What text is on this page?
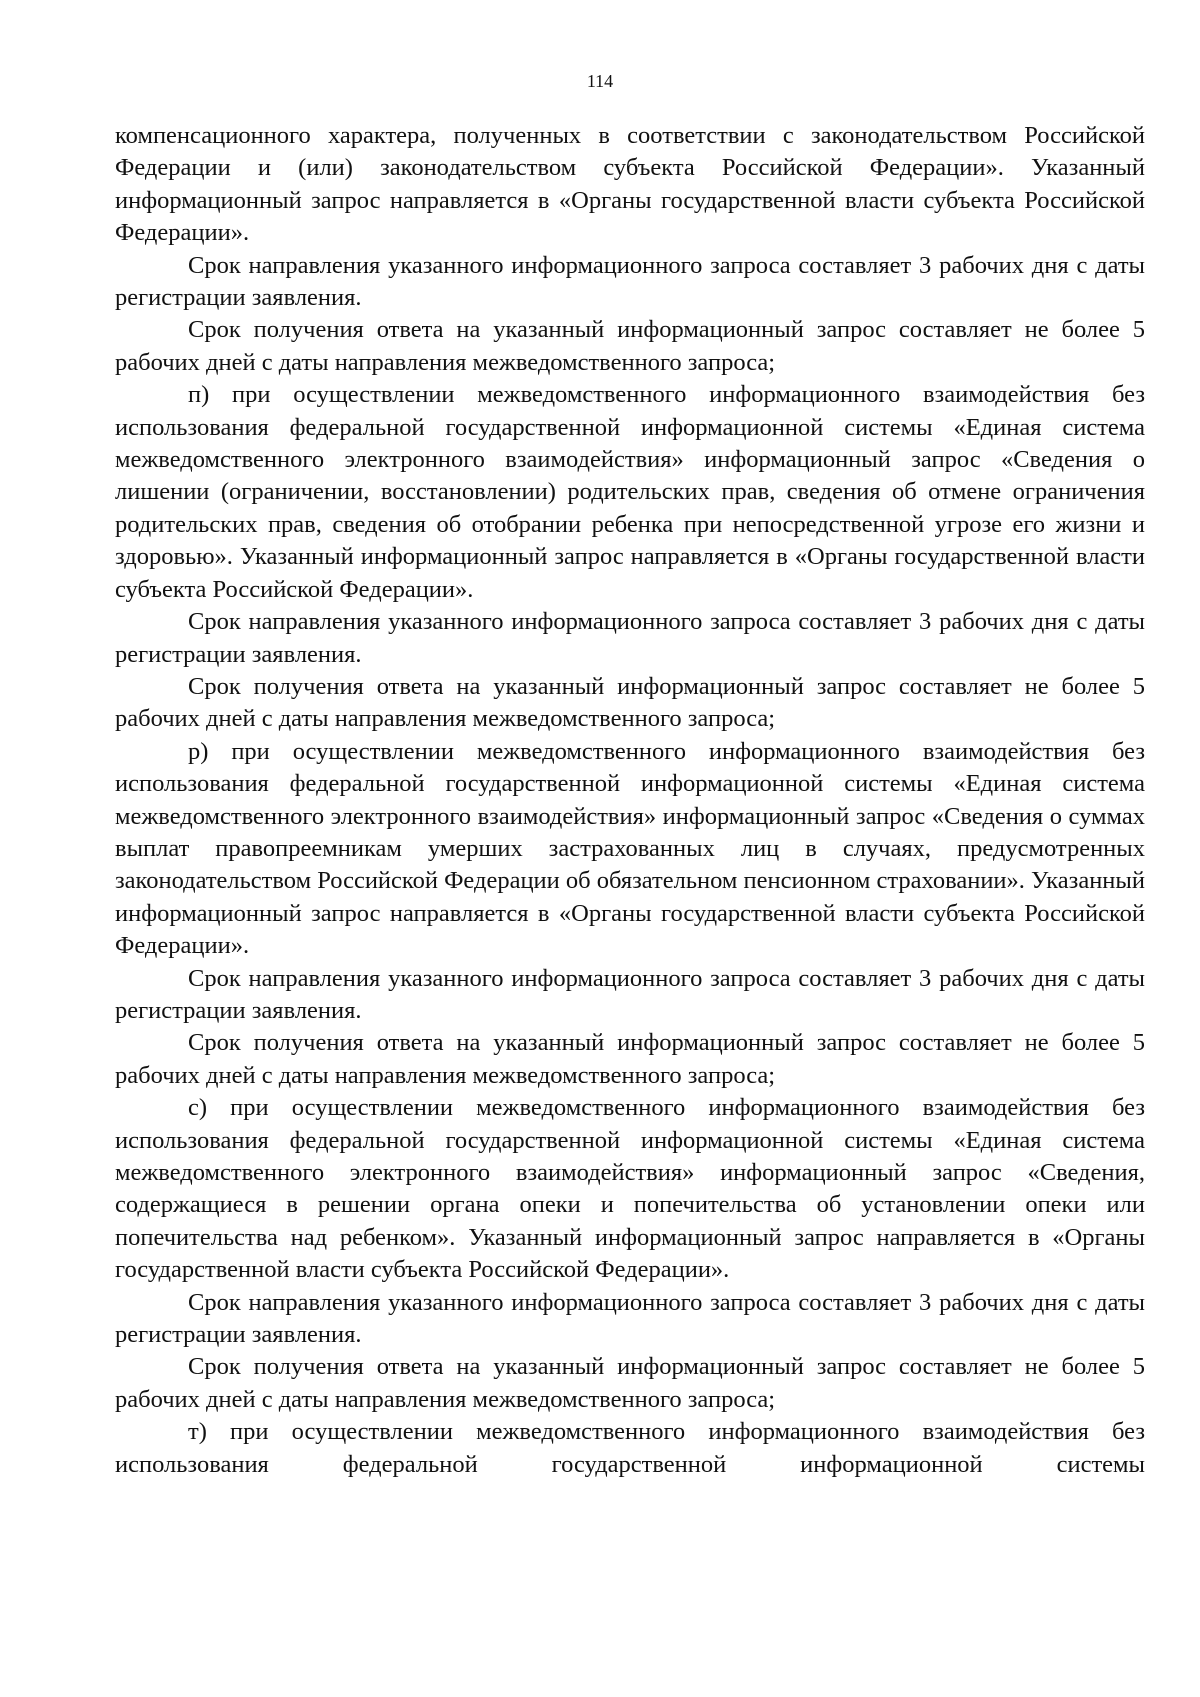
114

компенсационного характера, полученных в соответствии с законодательством Российской Федерации и (или) законодательством субъекта Российской Федерации». Указанный информационный запрос направляется в «Органы государственной власти субъекта Российской Федерации».

Срок направления указанного информационного запроса составляет 3 рабочих дня с даты регистрации заявления.

Срок получения ответа на указанный информационный запрос составляет не более 5 рабочих дней с даты направления межведомственного запроса;

п) при осуществлении межведомственного информационного взаимодействия без использования федеральной государственной информационной системы «Единая система межведомственного электронного взаимодействия» информационный запрос «Сведения о лишении (ограничении, восстановлении) родительских прав, сведения об отмене ограничения родительских прав, сведения об отобрании ребенка при непосредственной угрозе его жизни и здоровью». Указанный информационный запрос направляется в «Органы государственной власти субъекта Российской Федерации».

Срок направления указанного информационного запроса составляет 3 рабочих дня с даты регистрации заявления.

Срок получения ответа на указанный информационный запрос составляет не более 5 рабочих дней с даты направления межведомственного запроса;

р) при осуществлении межведомственного информационного взаимодействия без использования федеральной государственной информационной системы «Единая система межведомственного электронного взаимодействия» информационный запрос «Сведения о суммах выплат правопреемникам умерших застрахованных лиц в случаях, предусмотренных законодательством Российской Федерации об обязательном пенсионном страховании». Указанный информационный запрос направляется в «Органы государственной власти субъекта Российской Федерации».

Срок направления указанного информационного запроса составляет 3 рабочих дня с даты регистрации заявления.

Срок получения ответа на указанный информационный запрос составляет не более 5 рабочих дней с даты направления межведомственного запроса;

с) при осуществлении межведомственного информационного взаимодействия без использования федеральной государственной информационной системы «Единая система межведомственного электронного взаимодействия» информационный запрос «Сведения, содержащиеся в решении органа опеки и попечительства об установлении опеки или попечительства над ребенком». Указанный информационный запрос направляется в «Органы государственной власти субъекта Российской Федерации».

Срок направления указанного информационного запроса составляет 3 рабочих дня с даты регистрации заявления.

Срок получения ответа на указанный информационный запрос составляет не более 5 рабочих дней с даты направления межведомственного запроса;

т) при осуществлении межведомственного информационного взаимодействия без использования федеральной государственной информационной системы
